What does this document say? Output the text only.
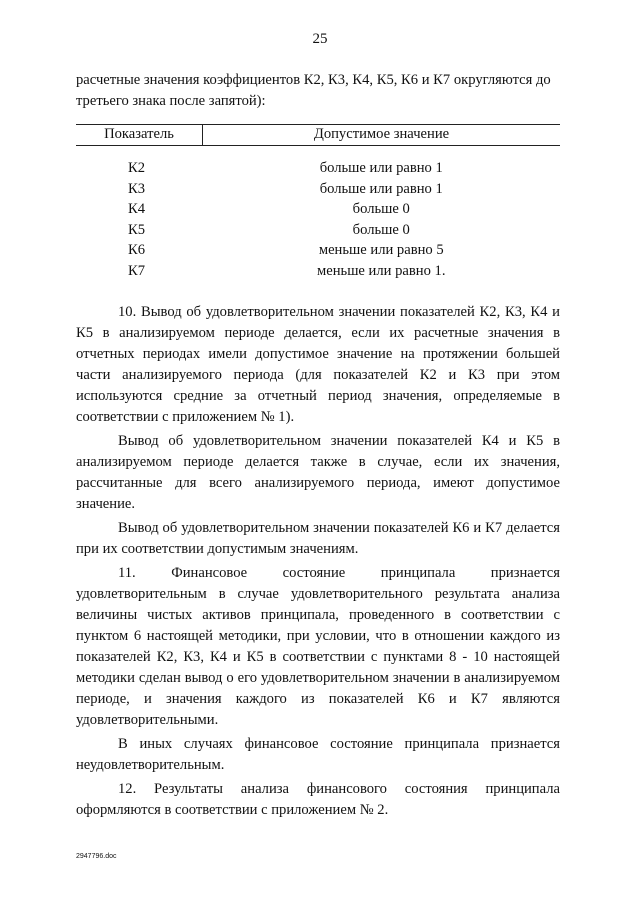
25

расчетные значения коэффициентов К2, К3, К4, К5, К6 и К7 округляются до третьего знака после запятой):

Показатель	Допустимое значение

К2	больше или равно 1
К3	больше или равно 1
К4	больше 0
К5	больше 0
К6	меньше или равно 5
К7	меньше или равно 1.

10. Вывод об удовлетворительном значении показателей К2, К3, К4 и К5 в анализируемом периоде делается, если их расчетные значения в отчетных периодах имели допустимое значение на протяжении большей части анализируемого периода (для показателей К2 и К3 при этом используются средние за отчетный период значения, определяемые в соответствии с приложением № 1).

Вывод об удовлетворительном значении показателей К4 и К5 в анализируемом периоде делается также в случае, если их значения, рассчитанные для всего анализируемого периода, имеют допустимое значение.

Вывод об удовлетворительном значении показателей К6 и К7 делается при их соответствии допустимым значениям.

11. Финансовое состояние принципала признается удовлетворительным в случае удовлетворительного результата анализа величины чистых активов принципала, проведенного в соответствии с пунктом 6 настоящей методики, при условии, что в отношении каждого из показателей К2, К3, К4 и К5 в соответствии с пунктами 8 - 10 настоящей методики сделан вывод о его удовлетворительном значении в анализируемом периоде, и значения каждого из показателей К6 и К7 являются удовлетворительными.

В иных случаях финансовое состояние принципала признается неудовлетворительным.

12. Результаты анализа финансового состояния принципала оформляются в соответствии с приложением № 2.

2947796.doc
